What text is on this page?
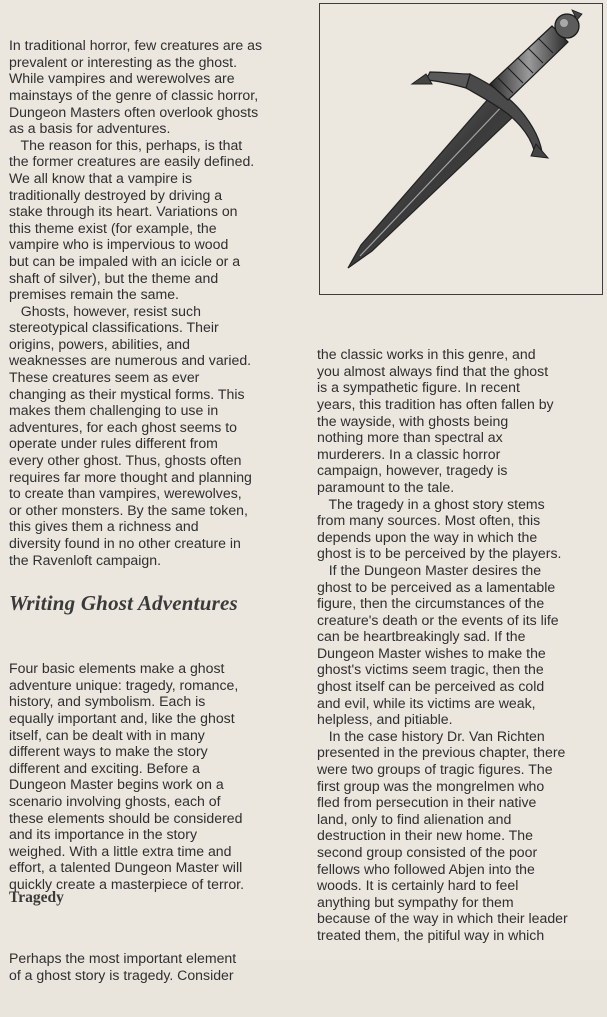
In traditional horror, few creatures are as
prevalent or interesting as the ghost.
While vampires and werewolves are
mainstays of the genre of classic horror,
Dungeon Masters often overlook ghosts
as a basis for adventures.
The reason for this, perhaps, is that
the former creatures are easily defined.
We all know that a vampire is
traditionally destroyed by driving a
stake through its heart. Variations on
this theme exist (for example, the
vampire who is impervious to wood
but can be impaled with an icicle or a
shaft of silver), but the theme and
premises remain the same.
Ghosts, however, resist such
stereotypical classifications. Their
origins, powers, abilities, and
weaknesses are numerous and varied.
These creatures seem as ever
changing as their mystical forms. This
makes them challenging to use in
adventures, for each ghost seems to
operate under rules different from
every other ghost. Thus, ghosts often
requires far more thought and planning
to create than vampires, werewolves,
or other monsters. By the same token,
this gives them a richness and
diversity found in no other creature in
the Ravenloft campaign.

Writing Ghost Adventures

Four basic elements make a ghost
adventure unique: tragedy, romance,
history, and symbolism. Each is
equally important and, like the ghost
itself, can be dealt with in many
different ways to make the story
different and exciting. Before a
Dungeon Master begins work on a
scenario involving ghosts, each of
these elements should be considered
and its importance in the story
weighed. With a little extra time and
effort, a talented Dungeon Master will
quickly create a masterpiece of terror.

Tragedy

Perhaps the most important element
of a ghost story is tragedy. Consider

the classic works in this genre, and
you almost always find that the ghost
is a sympathetic figure. In recent
years, this tradition has often fallen by
the wayside, with ghosts being
nothing more than spectral ax
murderers. In a classic horror
campaign, however, tragedy is
paramount to the tale.
The tragedy in a ghost story stems
from many sources. Most often, this
depends upon the way in which the
ghost is to be perceived by the players.
If the Dungeon Master desires the
ghost to be perceived as a lamentable
figure, then the circumstances of the
creature's death or the events of its life
can be heartbreakingly sad. If the
Dungeon Master wishes to make the
ghost's victims seem tragic, then the
ghost itself can be perceived as cold
and evil, while its victims are weak,
helpless, and pitiable.
In the case history Dr. Van Richten
presented in the previous chapter, there
were two groups of tragic figures. The
first group was the mongrelmen who
fled from persecution in their native
land, only to find alienation and
destruction in their new home. The
second group consisted of the poor
fellows who followed Abjen into the
woods. It is certainly hard to feel
anything but sympathy for them
because of the way in which their leader
treated them, the pitiful way in which
